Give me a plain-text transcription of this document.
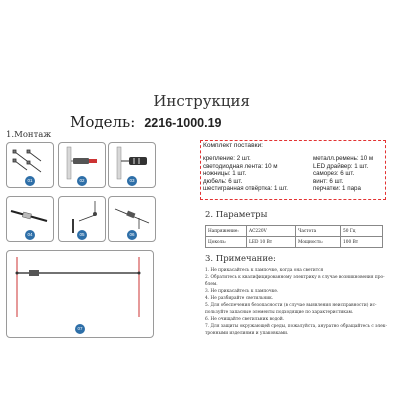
Инструкция
Модель: 2216-1000.19
1.Монтаж
01	02	03
04	05	06
07
Комплект поставки:
крепление: 2 шт.
светодиодная лента: 10 м
ножницы: 1 шт.
дюбель: 6 шт.
шестигранная отвёртка: 1 шт.
металл.ремень: 10 м
LED драйвер: 1 шт.
саморез: 6 шт.
винт: 6 шт.
перчатки: 1 пара
2. Параметры
Напряжение:	AC220V	Частота	50 Гц
Цоколь:	LED 10 Вт	Мощность:	100 Вт
3. Примечание:
1. Не прикасайтесь к лампочке, когда она светится
2. Обратитесь к квалифицированному электрику в случае возникновения про-
блем.
3. Не прикасайтесь к лампочке.
4. Не разбирайте светильник.
5. Для обеспечения безопасности (в случае выявления неисправности) ис-
пользуйте запасные элементы подходящие по характеристикам.
6. Не очищайте светильник водой.
7. Для защиты окружающей среды, пожалуйста, ануратно обращайтесь с элек-
тронными изделиями и упаковками.
